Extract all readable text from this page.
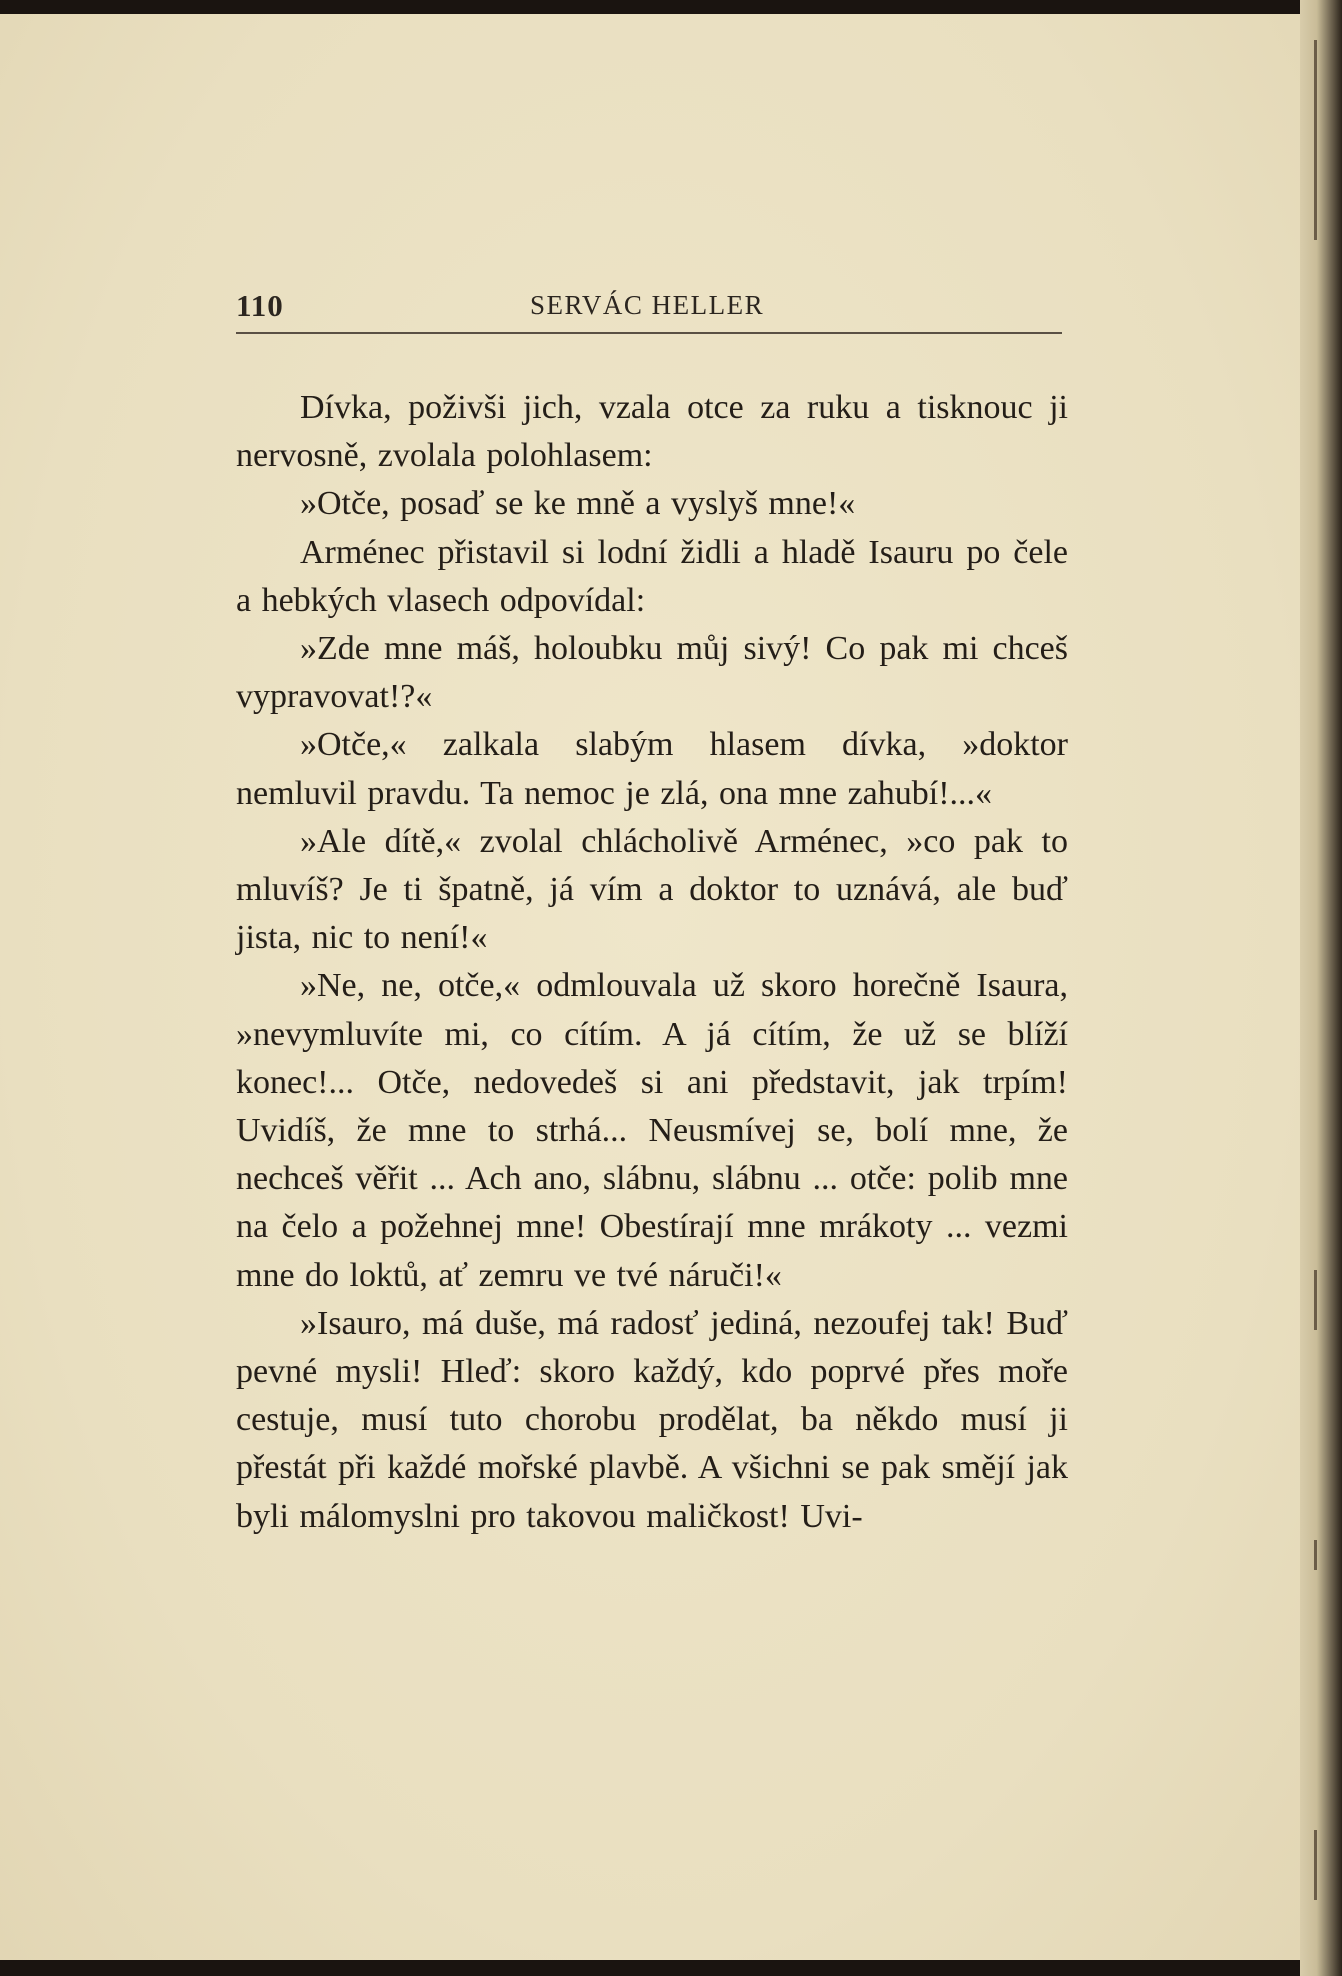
110	SERVÁC HELLER

Dívka, poživši jich, vzala otce za ruku a tisknouc ji nervosně, zvolala polohlasem:

»Otče, posaď se ke mně a vyslyš mne!«

Arménec přistavil si lodní židli a hladě Isauru po čele a hebkých vlasech odpovídal:

»Zde mne máš, holoubku můj sivý! Co pak mi chceš vypravovat!?«

»Otče,« zalkala slabým hlasem dívka, »doktor nemluvil pravdu. Ta nemoc je zlá, ona mne zahubí!...«

»Ale dítě,« zvolal chlácholivě Arménec, »co pak to mluvíš? Je ti špatně, já vím a doktor to uznává, ale buď jista, nic to není!«

»Ne, ne, otče,« odmlouvala už skoro horečně Isaura, »nevymluvíte mi, co cítím. A já cítím, že už se blíží konec!... Otče, nedovedeš si ani představit, jak trpím! Uvidíš, že mne to strhá... Neusmívej se, bolí mne, že nechceš věřit ... Ach ano, slábnu, slábnu ... otče: polib mne na čelo a požehnej mne! Obestírají mne mrákoty ... vezmi mne do loktů, ať zemru ve tvé náruči!«

»Isauro, má duše, má radosť jediná, nezoufej tak! Buď pevné mysli! Hleď: skoro každý, kdo poprvé přes moře cestuje, musí tuto chorobu prodělat, ba někdo musí ji přestát při každé mořské plavbě. A všichni se pak smějí jak byli málomyslni pro takovou maličkost! Uvi-
